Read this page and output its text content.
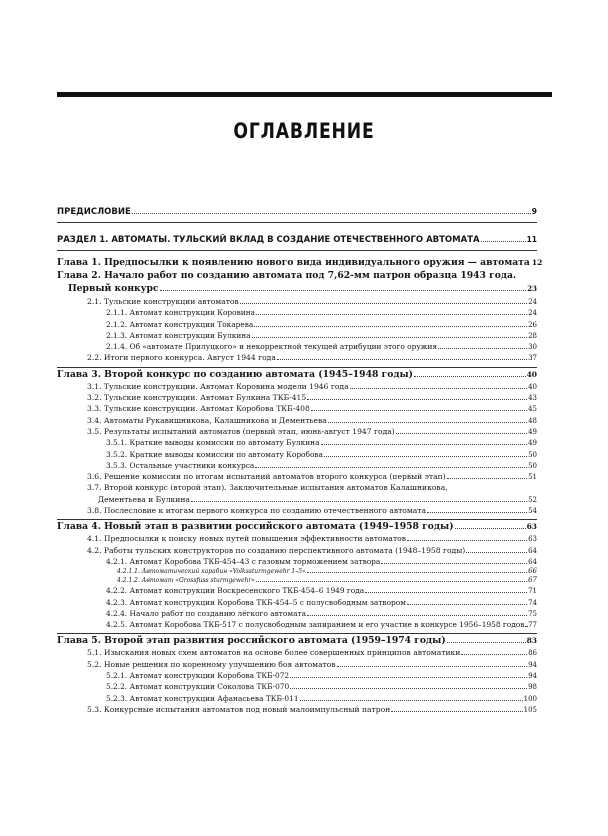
ОГЛАВЛЕНИЕ
ПРЕДИСЛОВИЕ	9
РАЗДЕЛ 1. АВТОМАТЫ. ТУЛЬСКИЙ ВКЛАД В СОЗДАНИЕ ОТЕЧЕСТВЕННОГО АВТОМАТА	11
Глава 1. Предпосылки к появлению нового вида индивидуального оружия — автомата 12
Глава 2. Начало работ по созданию автомата под 7,62-мм патрон образца 1943 года.
Первый конкурс	23
2.1. Тульские конструкции автоматов	24
2.1.1. Автомат конструкции Коровина	24
2.1.2. Автомат конструкции Токарева	26
2.1.3. Автомат конструкции Булкина	28
2.1.4. Об «автомате Прилуцкого» и некорректной текущей атрибуции этого оружия	30
2.2. Итоги первого конкурса. Август 1944 года	37
Глава 3. Второй конкурс по созданию автомата (1945–1948 годы)	40
3.1. Тульские конструкции. Автомат Коровина модели 1946 года	40
3.2. Тульские конструкции. Автомат Булкина ТКБ-415	43
3.3. Тульские конструкции. Автомат Коробова ТКБ-408	45
3.4. Автоматы Рукавишникова, Калашникова и Дементьева	48
3.5. Результаты испытаний автоматов (первый этап, июнь-август 1947 года)	49
3.5.1. Краткие выводы комиссии по автомату Булкина	49
3.5.2. Краткие выводы комиссии по автомату Коробова	50
3.5.3. Остальные участники конкурса	50
3.6. Решение комиссии по итогам испытаний автоматов второго конкурса (первый этап)	51
3.7. Второй конкурс (второй этап). Заключительные испытания автоматов Калашникова,
Дементьева и Булкина	52
3.8. Послесловие к итогам первого конкурса по созданию отечественного автомата	54
Глава 4. Новый этап в развитии российского автомата (1949–1958 годы)	63
4.1. Предпосылки к поиску новых путей повышения эффективности автоматов	63
4.2. Работы тульских конструкторов по созданию перспективного автомата (1948–1958 годы)	64
4.2.1. Автомат Коробова ТКБ-454–43 с газовым торможением затвора	64
4.2.1.1. Автоматический карабин «Volkssturmgewehr 1–5»	66
4.2.1.2. Автомат «Grossfuss sturmgewehr»	67
4.2.2. Автомат конструкции Воскресенского ТКБ-454–6 1949 года	71
4.2.3. Автомат конструкции Коробова ТКБ-454–5 с полусвободным затвором	74
4.2.4. Начало работ по созданию лёгкого автомата	75
4.2.5. Автомат Коробова ТКБ-517 с полусвободным запиранием и его участие в конкурсе 1956–1958 годов 77
Глава 5. Второй этап развития российского автомата (1959–1974 годы)	83
5.1. Изыскания новых схем автоматов на основе более совершенных принципов автоматики	86
5.2. Новые решения по коренному улучшению боя автоматов	94
5.2.1. Автомат конструкции Коробова ТКБ-072	94
5.2.2. Автомат конструкции Соколова ТКБ-070	98
5.2.3. Автомат конструкции Афанасьева ТКБ-011	100
5.3. Конкурсные испытания автоматов под новый малоимпульсный патрон	105
